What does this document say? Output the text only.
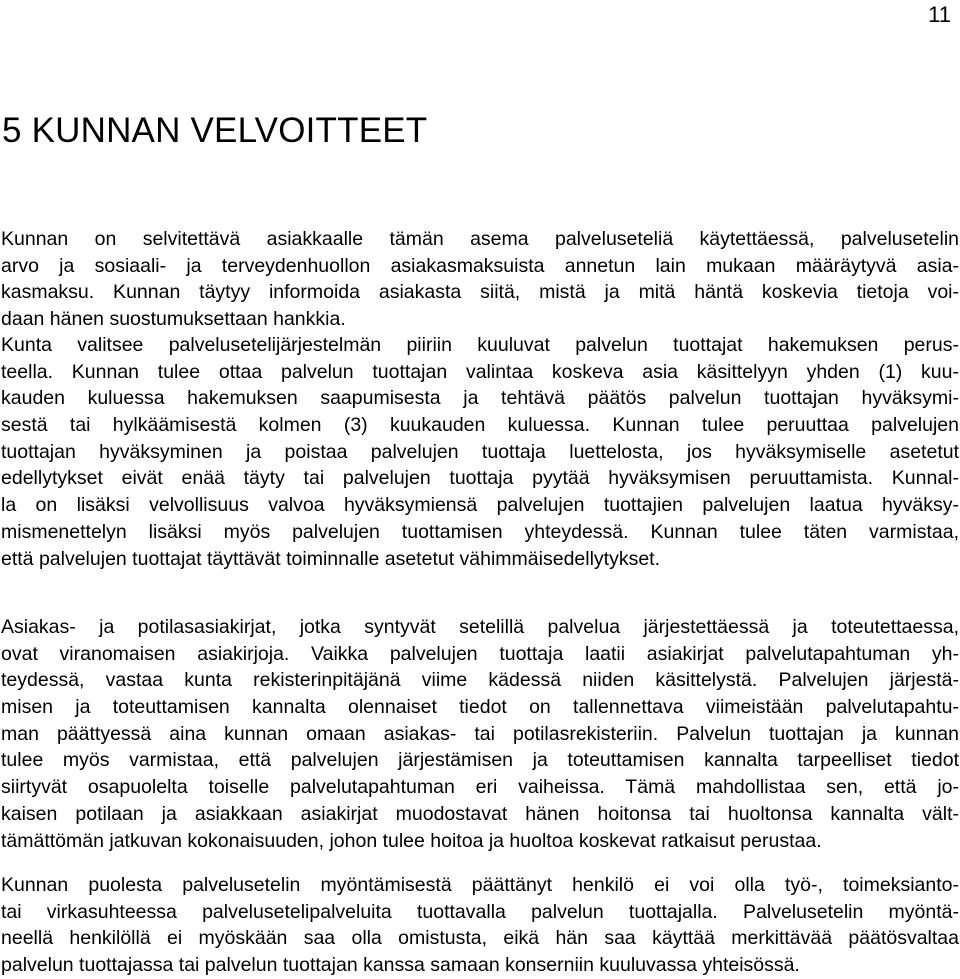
11
5 KUNNAN VELVOITTEET
Kunnan on selvitettävä asiakkaalle tämän asema palveluseteliä käytettäessä, palvelusetelin
arvo ja sosiaali- ja terveydenhuollon asiakasmaksuista annetun lain mukaan määräytyvä asia-
kasmaksu. Kunnan täytyy informoida asiakasta siitä, mistä ja mitä häntä koskevia tietoja voi-
daan hänen suostumuksettaan hankkia.
Kunta valitsee palvelusetelijärjestelmän piiriin kuuluvat palvelun tuottajat hakemuksen perus-
teella. Kunnan tulee ottaa palvelun tuottajan valintaa koskeva asia käsittelyyn yhden (1) kuu-
kauden kuluessa hakemuksen saapumisesta ja tehtävä päätös palvelun tuottajan hyväksymi-
sestä tai hylkäämisestä kolmen (3) kuukauden kuluessa. Kunnan tulee peruuttaa palvelujen
tuottajan hyväksyminen ja poistaa palvelujen tuottaja luettelosta, jos hyväksymiselle asetetut
edellytykset eivät enää täyty tai palvelujen tuottaja pyytää hyväksymisen peruuttamista. Kunnal-
la on lisäksi velvollisuus valvoa hyväksymiensä palvelujen tuottajien palvelujen laatua hyväksy-
mismenettelyn lisäksi myös palvelujen tuottamisen yhteydessä. Kunnan tulee täten varmistaa,
että palvelujen tuottajat täyttävät toiminnalle asetetut vähimmäisedellytykset.
Asiakas- ja potilasasiakirjat, jotka syntyvät setelillä palvelua järjestettäessä ja toteutettaessa,
ovat viranomaisen asiakirjoja. Vaikka palvelujen tuottaja laatii asiakirjat palvelutapahtuman yh-
teydessä, vastaa kunta rekisterinpitäjänä viime kädessä niiden käsittelystä. Palvelujen järjestä-
misen ja toteuttamisen kannalta olennaiset tiedot on tallennettava viimeistään palvelutapahtu-
man päättyessä aina kunnan omaan asiakas- tai potilasrekisteriin. Palvelun tuottajan ja kunnan
tulee myös varmistaa, että palvelujen järjestämisen ja toteuttamisen kannalta tarpeelliset tiedot
siirtyvät osapuolelta toiselle palvelutapahtuman eri vaiheissa. Tämä mahdollistaa sen, että jo-
kaisen potilaan ja asiakkaan asiakirjat muodostavat hänen hoitonsa tai huoltonsa kannalta vält-
tämättömän jatkuvan kokonaisuuden, johon tulee hoitoa ja huoltoa koskevat ratkaisut perustaa.
Kunnan puolesta palvelusetelin myöntämisestä päättänyt henkilö ei voi olla työ-, toimeksianto-
tai virkasuhteessa palvelusetelipalveluita tuottavalla palvelun tuottajalla. Palvelusetelin myöntä-
neellä henkilöllä ei myöskään saa olla omistusta, eikä hän saa käyttää merkittävää päätösvaltaa
palvelun tuottajassa tai palvelun tuottajan kanssa samaan konserniin kuuluvassa yhteisössä.
